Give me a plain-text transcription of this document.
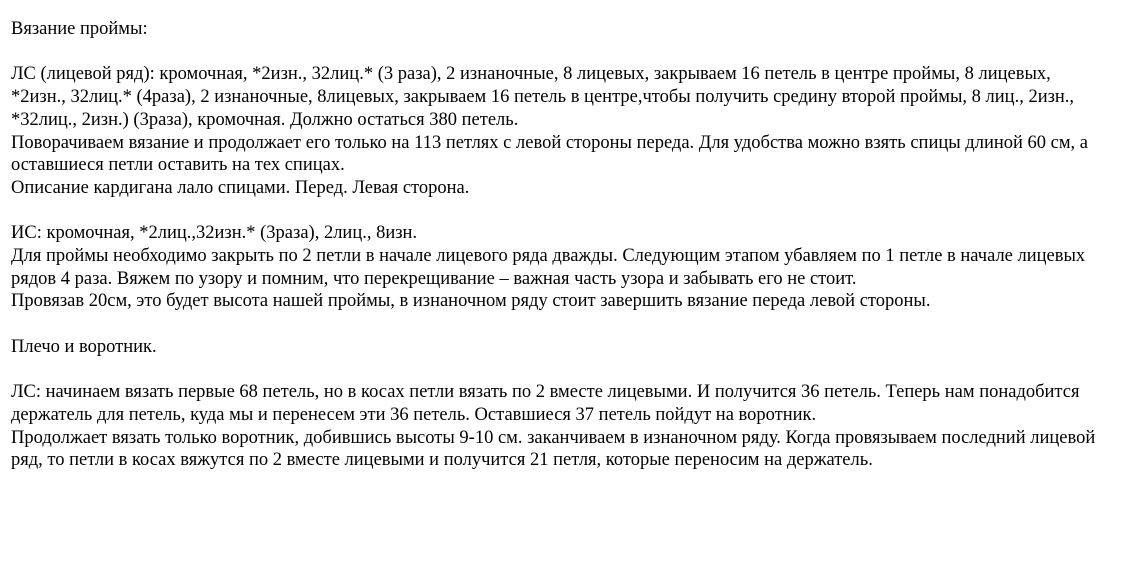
Вязание проймы:

ЛС (лицевой ряд): кромочная, *2изн., 32лиц.* (3 раза), 2 изнаночные, 8 лицевых, закрываем 16 петель в центре проймы, 8 лицевых, *2изн., 32лиц.* (4раза), 2 изнаночные, 8лицевых, закрываем 16 петель в центре,чтобы получить средину второй проймы, 8 лиц., 2изн., *32лиц., 2изн.) (3раза), кромочная. Должно остаться 380 петель.

Поворачиваем вязание и продолжает его только на 113 петлях с левой стороны переда. Для удобства можно взять спицы длиной 60 см, а оставшиеся петли оставить на тех спицах.

Описание кардигана лало спицами. Перед. Левая сторона.

ИС: кромочная, *2лиц.,32изн.* (3раза), 2лиц., 8изн.

Для проймы необходимо закрыть по 2 петли в начале лицевого ряда дважды. Следующим этапом убавляем по 1 петле в начале лицевых рядов 4 раза. Вяжем по узору и помним, что перекрещивание – важная часть узора и забывать его не стоит.

Провязав 20см, это будет высота нашей проймы, в изнаночном ряду стоит завершить вязание переда левой стороны.

Плечо и воротник.

ЛС: начинаем вязать первые 68 петель, но в косах петли вязать по 2 вместе лицевыми. И получится 36 петель. Теперь нам понадобится держатель для петель, куда мы и перенесем эти 36 петель. Оставшиеся 37 петель пойдут на воротник.

Продолжает вязать только воротник, добившись высоты 9-10 см. заканчиваем в изнаночном ряду. Когда провязываем последний лицевой ряд, то петли в косах вяжутся по 2 вместе лицевыми и получится 21 петля, которые переносим на держатель.
